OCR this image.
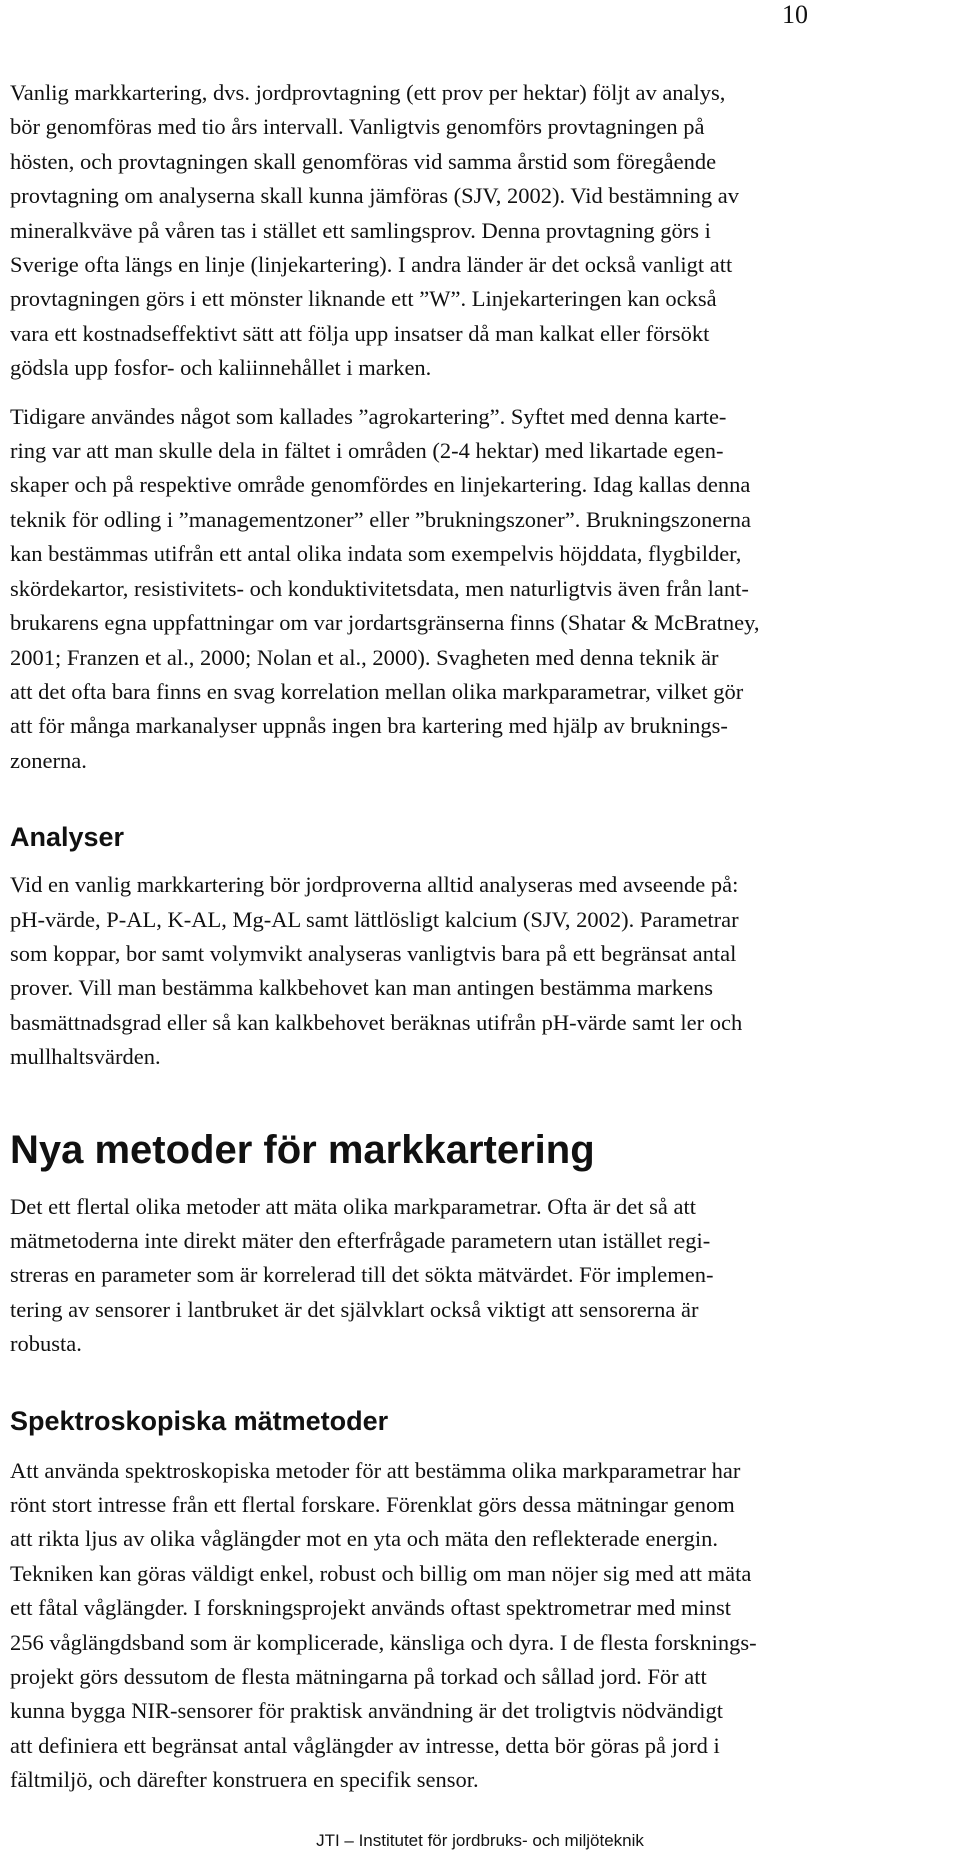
10

Vanlig markkartering, dvs. jordprovtagning (ett prov per hektar) följt av analys,
bör genomföras med tio års intervall. Vanligtvis genomförs provtagningen på
hösten, och provtagningen skall genomföras vid samma årstid som föregående
provtagning om analyserna skall kunna jämföras (SJV, 2002). Vid bestämning av
mineralkväve på våren tas i stället ett samlingsprov. Denna provtagning görs i
Sverige ofta längs en linje (linjekartering). I andra länder är det också vanligt att
provtagningen görs i ett mönster liknande ett ”W”. Linjekarteringen kan också
vara ett kostnadseffektivt sätt att följa upp insatser då man kalkat eller försökt
gödsla upp fosfor- och kaliinnehållet i marken.

Tidigare användes något som kallades ”agrokartering”. Syftet med denna karte-
ring var att man skulle dela in fältet i områden (2-4 hektar) med likartade egen-
skaper och på respektive område genomfördes en linjekartering. Idag kallas denna
teknik för odling i ”managementzoner” eller ”brukningszoner”. Brukningszonerna
kan bestämmas utifrån ett antal olika indata som exempelvis höjddata, flygbilder,
skördekartor, resistivitets- och konduktivitetsdata, men naturligtvis även från lant-
brukarens egna uppfattningar om var jordartsgränserna finns (Shatar & McBratney,
2001; Franzen et al., 2000; Nolan et al., 2000). Svagheten med denna teknik är
att det ofta bara finns en svag korrelation mellan olika markparametrar, vilket gör
att för många markanalyser uppnås ingen bra kartering med hjälp av bruknings-
zonerna.

Analyser

Vid en vanlig markkartering bör jordproverna alltid analyseras med avseende på:
pH-värde, P-AL, K-AL, Mg-AL samt lättlösligt kalcium (SJV, 2002). Parametrar
som koppar, bor samt volymvikt analyseras vanligtvis bara på ett begränsat antal
prover. Vill man bestämma kalkbehovet kan man antingen bestämma markens
basmättnadsgrad eller så kan kalkbehovet beräknas utifrån pH-värde samt ler och
mullhaltsvärden.

Nya metoder för markkartering

Det ett flertal olika metoder att mäta olika markparametrar. Ofta är det så att
mätmetoderna inte direkt mäter den efterfrågade parametern utan istället regi-
streras en parameter som är korrelerad till det sökta mätvärdet. För implemen-
tering av sensorer i lantbruket är det självklart också viktigt att sensorerna är
robusta.

Spektroskopiska mätmetoder

Att använda spektroskopiska metoder för att bestämma olika markparametrar har
rönt stort intresse från ett flertal forskare. Förenklat görs dessa mätningar genom
att rikta ljus av olika våglängder mot en yta och mäta den reflekterade energin.
Tekniken kan göras väldigt enkel, robust och billig om man nöjer sig med att mäta
ett fåtal våglängder. I forskningsprojekt används oftast spektrometrar med minst
256 våglängdsband som är komplicerade, känsliga och dyra. I de flesta forsknings-
projekt görs dessutom de flesta mätningarna på torkad och sållad jord. För att
kunna bygga NIR-sensorer för praktisk användning är det troligtvis nödvändigt
att definiera ett begränsat antal våglängder av intresse, detta bör göras på jord i
fältmiljö, och därefter konstruera en specifik sensor.

JTI – Institutet för jordbruks- och miljöteknik
